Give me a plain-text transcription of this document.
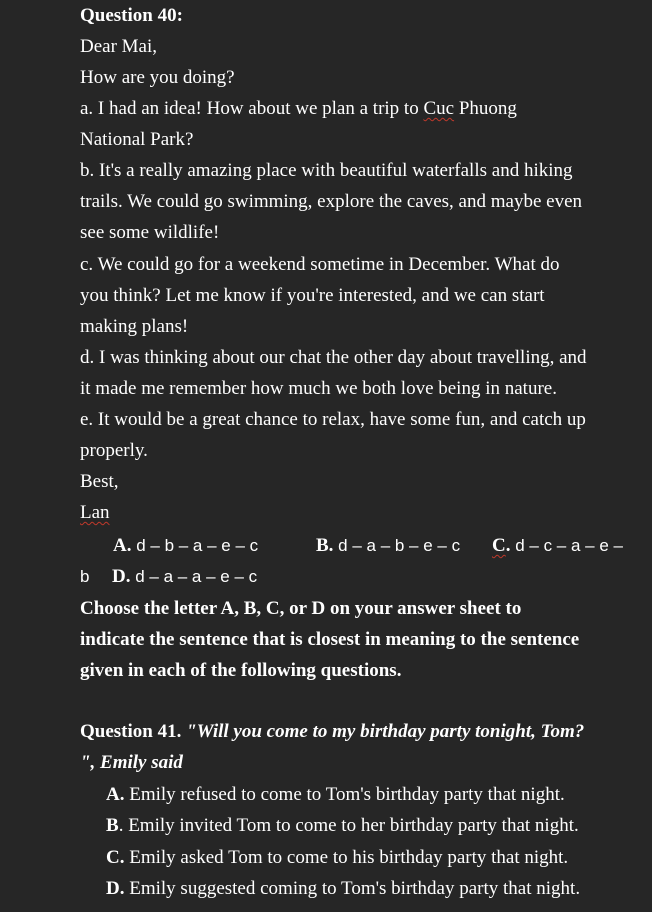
Question 40:
Dear Mai,
How are you doing?
a. I had an idea! How about we plan a trip to Cuc Phuong
National Park?
b. It's a really amazing place with beautiful waterfalls and hiking
trails. We could go swimming, explore the caves, and maybe even
see some wildlife!
c. We could go for a weekend sometime in December. What do
you think? Let me know if you're interested, and we can start
making plans!
d. I was thinking about our chat the other day about travelling, and
it made me remember how much we both love being in nature.
e. It would be a great chance to relax, have some fun, and catch up
properly.
Best,
Lan
A. d – b – a – e – c	B. d – a – b – e – c C. d – c – a – e –
b D. d – a – a – e – c
Choose the letter A, B, C, or D on your answer sheet to
indicate the sentence that is closest in meaning to the sentence
given in each of the following questions.
Question 41. "Will you come to my birthday party tonight, Tom?
", Emily said
A. Emily refused to come to Tom's birthday party that night.
B. Emily invited Tom to come to her birthday party that night.
C. Emily asked Tom to come to his birthday party that night.
D. Emily suggested coming to Tom's birthday party that night.
